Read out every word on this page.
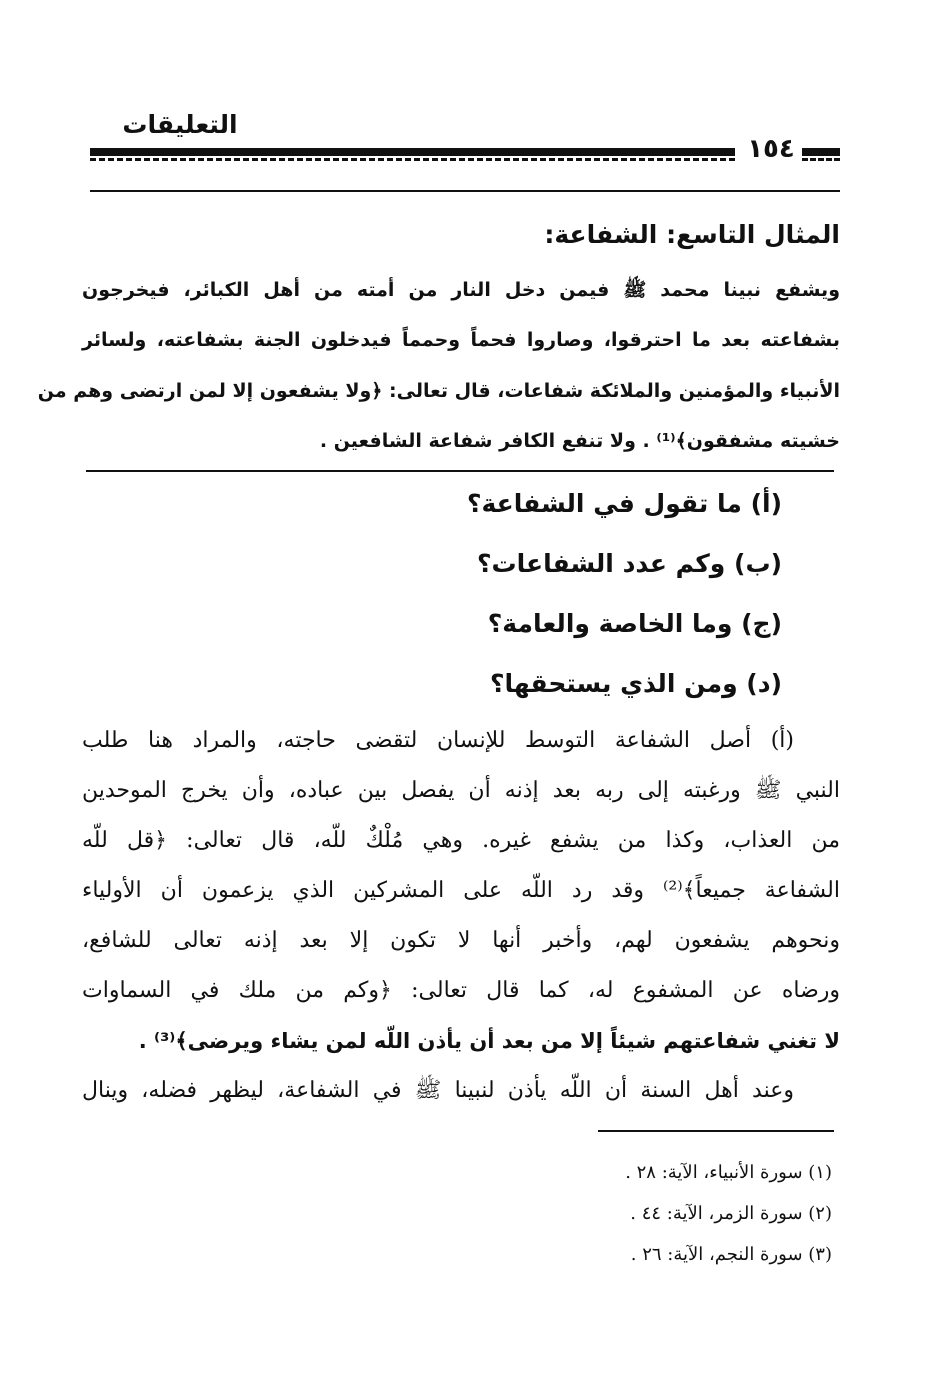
التعليقات
١٥٤
المثال التاسع: الشفاعة:
ويشفع نبينا محمد ﷺ فيمن دخل النار من أمته من أهل الكبائر، فيخرجون
بشفاعته بعد ما احترقوا، وصاروا فحماً وحمماً فيدخلون الجنة بشفاعته، ولسائر
الأنبياء والمؤمنين والملائكة شفاعات، قال تعالى: ﴿ولا يشفعون إلا لمن ارتضى وهم من
خشيته مشفقون﴾⁽¹⁾ . ولا تنفع الكافر شفاعة الشافعين .
(أ) ما تقول في الشفاعة؟
(ب) وكم عدد الشفاعات؟
(ج) وما الخاصة والعامة؟
(د) ومن الذي يستحقها؟
(أ) أصل الشفاعة التوسط للإنسان لتقضى حاجته، والمراد هنا طلب
النبي ﷺ ورغبته إلى ربه بعد إذنه أن يفصل بين عباده، وأن يخرج الموحدين
من العذاب، وكذا من يشفع غيره. وهي مُلْكٌ للّه، قال تعالى: ﴿قل للّه
الشفاعة جميعاً﴾⁽²⁾ وقد رد اللّه على المشركين الذي يزعمون أن الأولياء
ونحوهم يشفعون لهم، وأخبر أنها لا تكون إلا بعد إذنه تعالى للشافع،
ورضاه عن المشفوع له، كما قال تعالى: ﴿وكم من ملك في السماوات
لا تغني شفاعتهم شيئاً إلا من بعد أن يأذن اللّه لمن يشاء ويرضى﴾⁽³⁾ .
وعند أهل السنة أن اللّه يأذن لنبينا ﷺ في الشفاعة، ليظهر فضله، وينال
(١) سورة الأنبياء، الآية: ٢٨ .
(٢) سورة الزمر، الآية: ٤٤ .
(٣) سورة النجم، الآية: ٢٦ .
